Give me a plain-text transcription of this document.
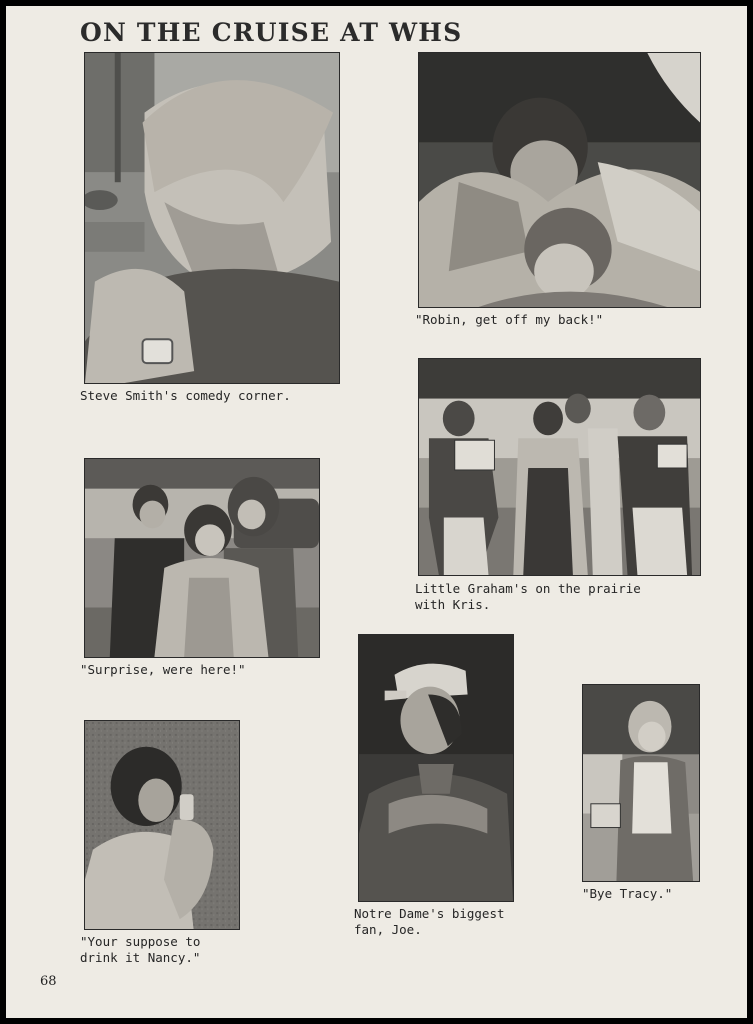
ON THE CRUISE AT WHS
Steve Smith's comedy corner.
"Robin, get off my back!"
Little Graham's on the prairie
with Kris.
"Surprise, were here!"
Notre Dame's biggest
fan, Joe.
"Bye Tracy."
"Your suppose to
drink it Nancy."
68
